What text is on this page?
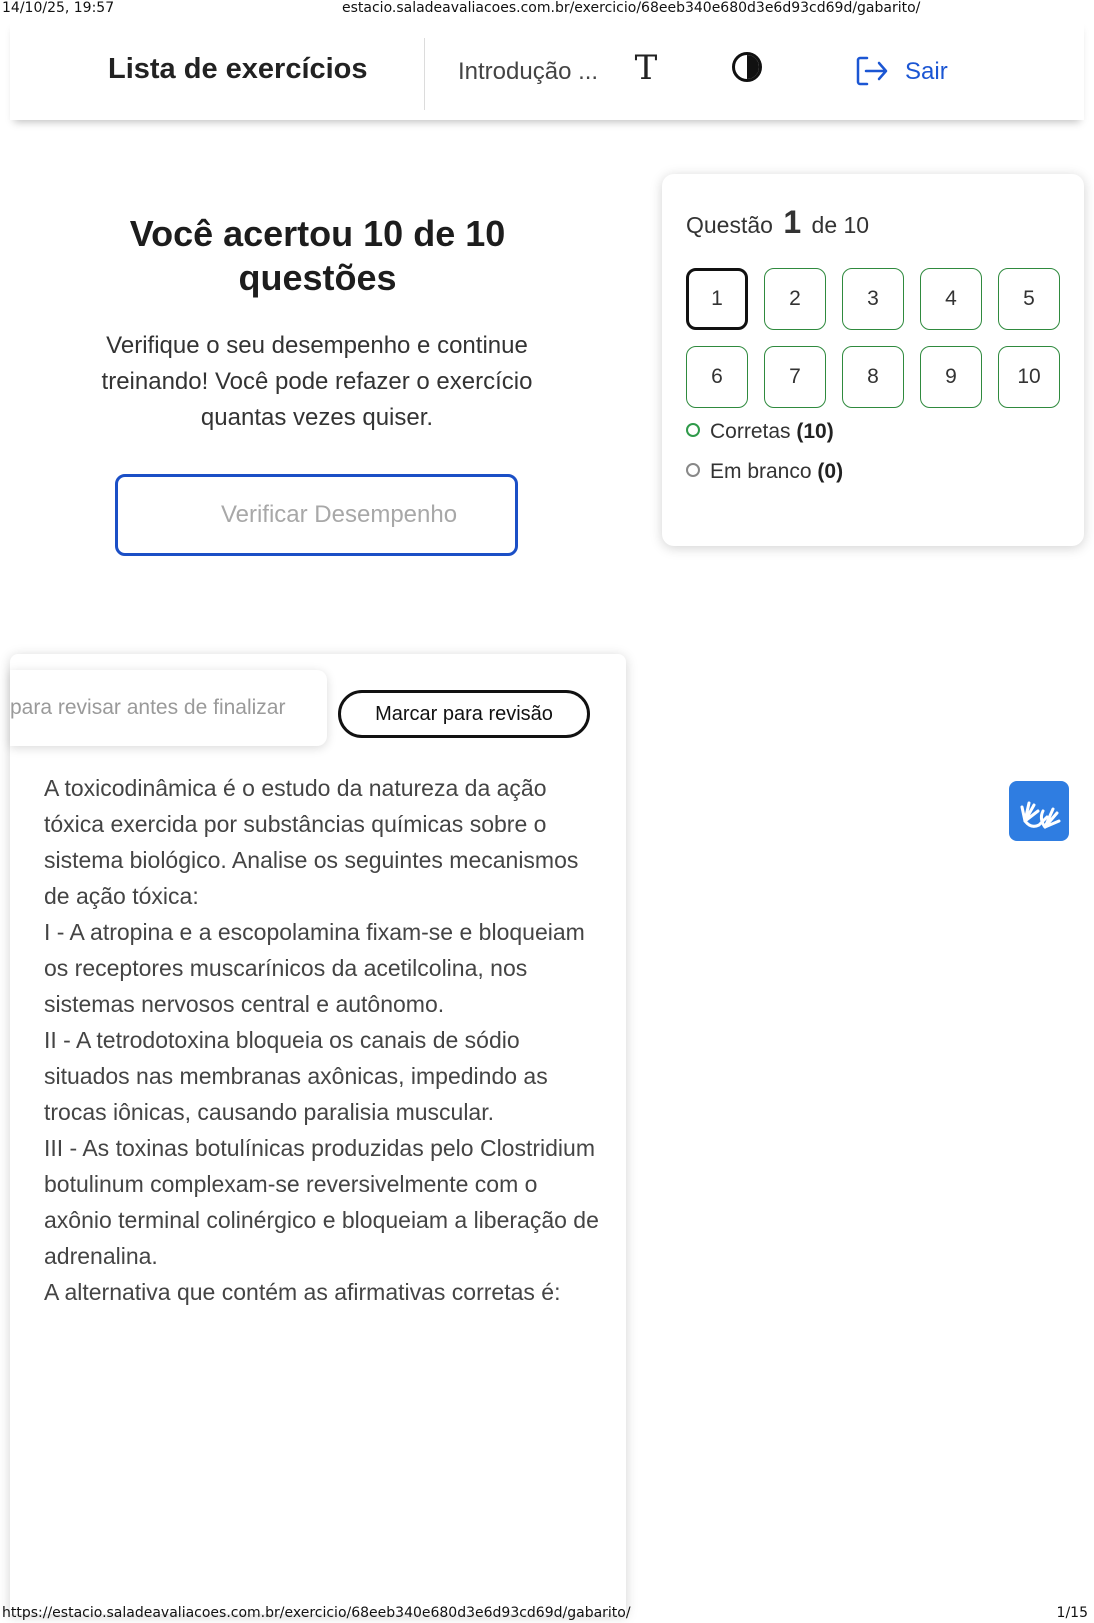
14/10/25, 19:57	estacio.saladeavaliacoes.com.br/exercicio/68eeb340e680d3e6d93cd69d/gabarito/
Lista de exercícios	Introdução ... T	Sair
Você acertou 10 de 10 questões
Verifique o seu desempenho e continue treinando! Você pode refazer o exercício quantas vezes quiser.
Verificar Desempenho
Questão 1 de 10
1	2	3	4	5
6	7	8	9	10
Corretas (10)
Em branco (0)
para revisar antes de finalizar	Marcar para revisão

A toxicodinâmica é o estudo da natureza da ação tóxica exercida por substâncias químicas sobre o sistema biológico. Analise os seguintes mecanismos de ação tóxica:

I - A atropina e a escopolamina fixam-se e bloqueiam os receptores muscarínicos da acetilcolina, nos sistemas nervosos central e autônomo.

II - A tetrodotoxina bloqueia os canais de sódio situados nas membranas axônicas, impedindo as trocas iônicas, causando paralisia muscular.

III - As toxinas botulínicas produzidas pelo Clostridium botulinum complexam-se reversivelmente com o axônio terminal colinérgico e bloqueiam a liberação de adrenalina.

A alternativa que contém as afirmativas corretas é:

https://estacio.saladeavaliacoes.com.br/exercicio/68eeb340e680d3e6d93cd69d/gabarito/	1/15
